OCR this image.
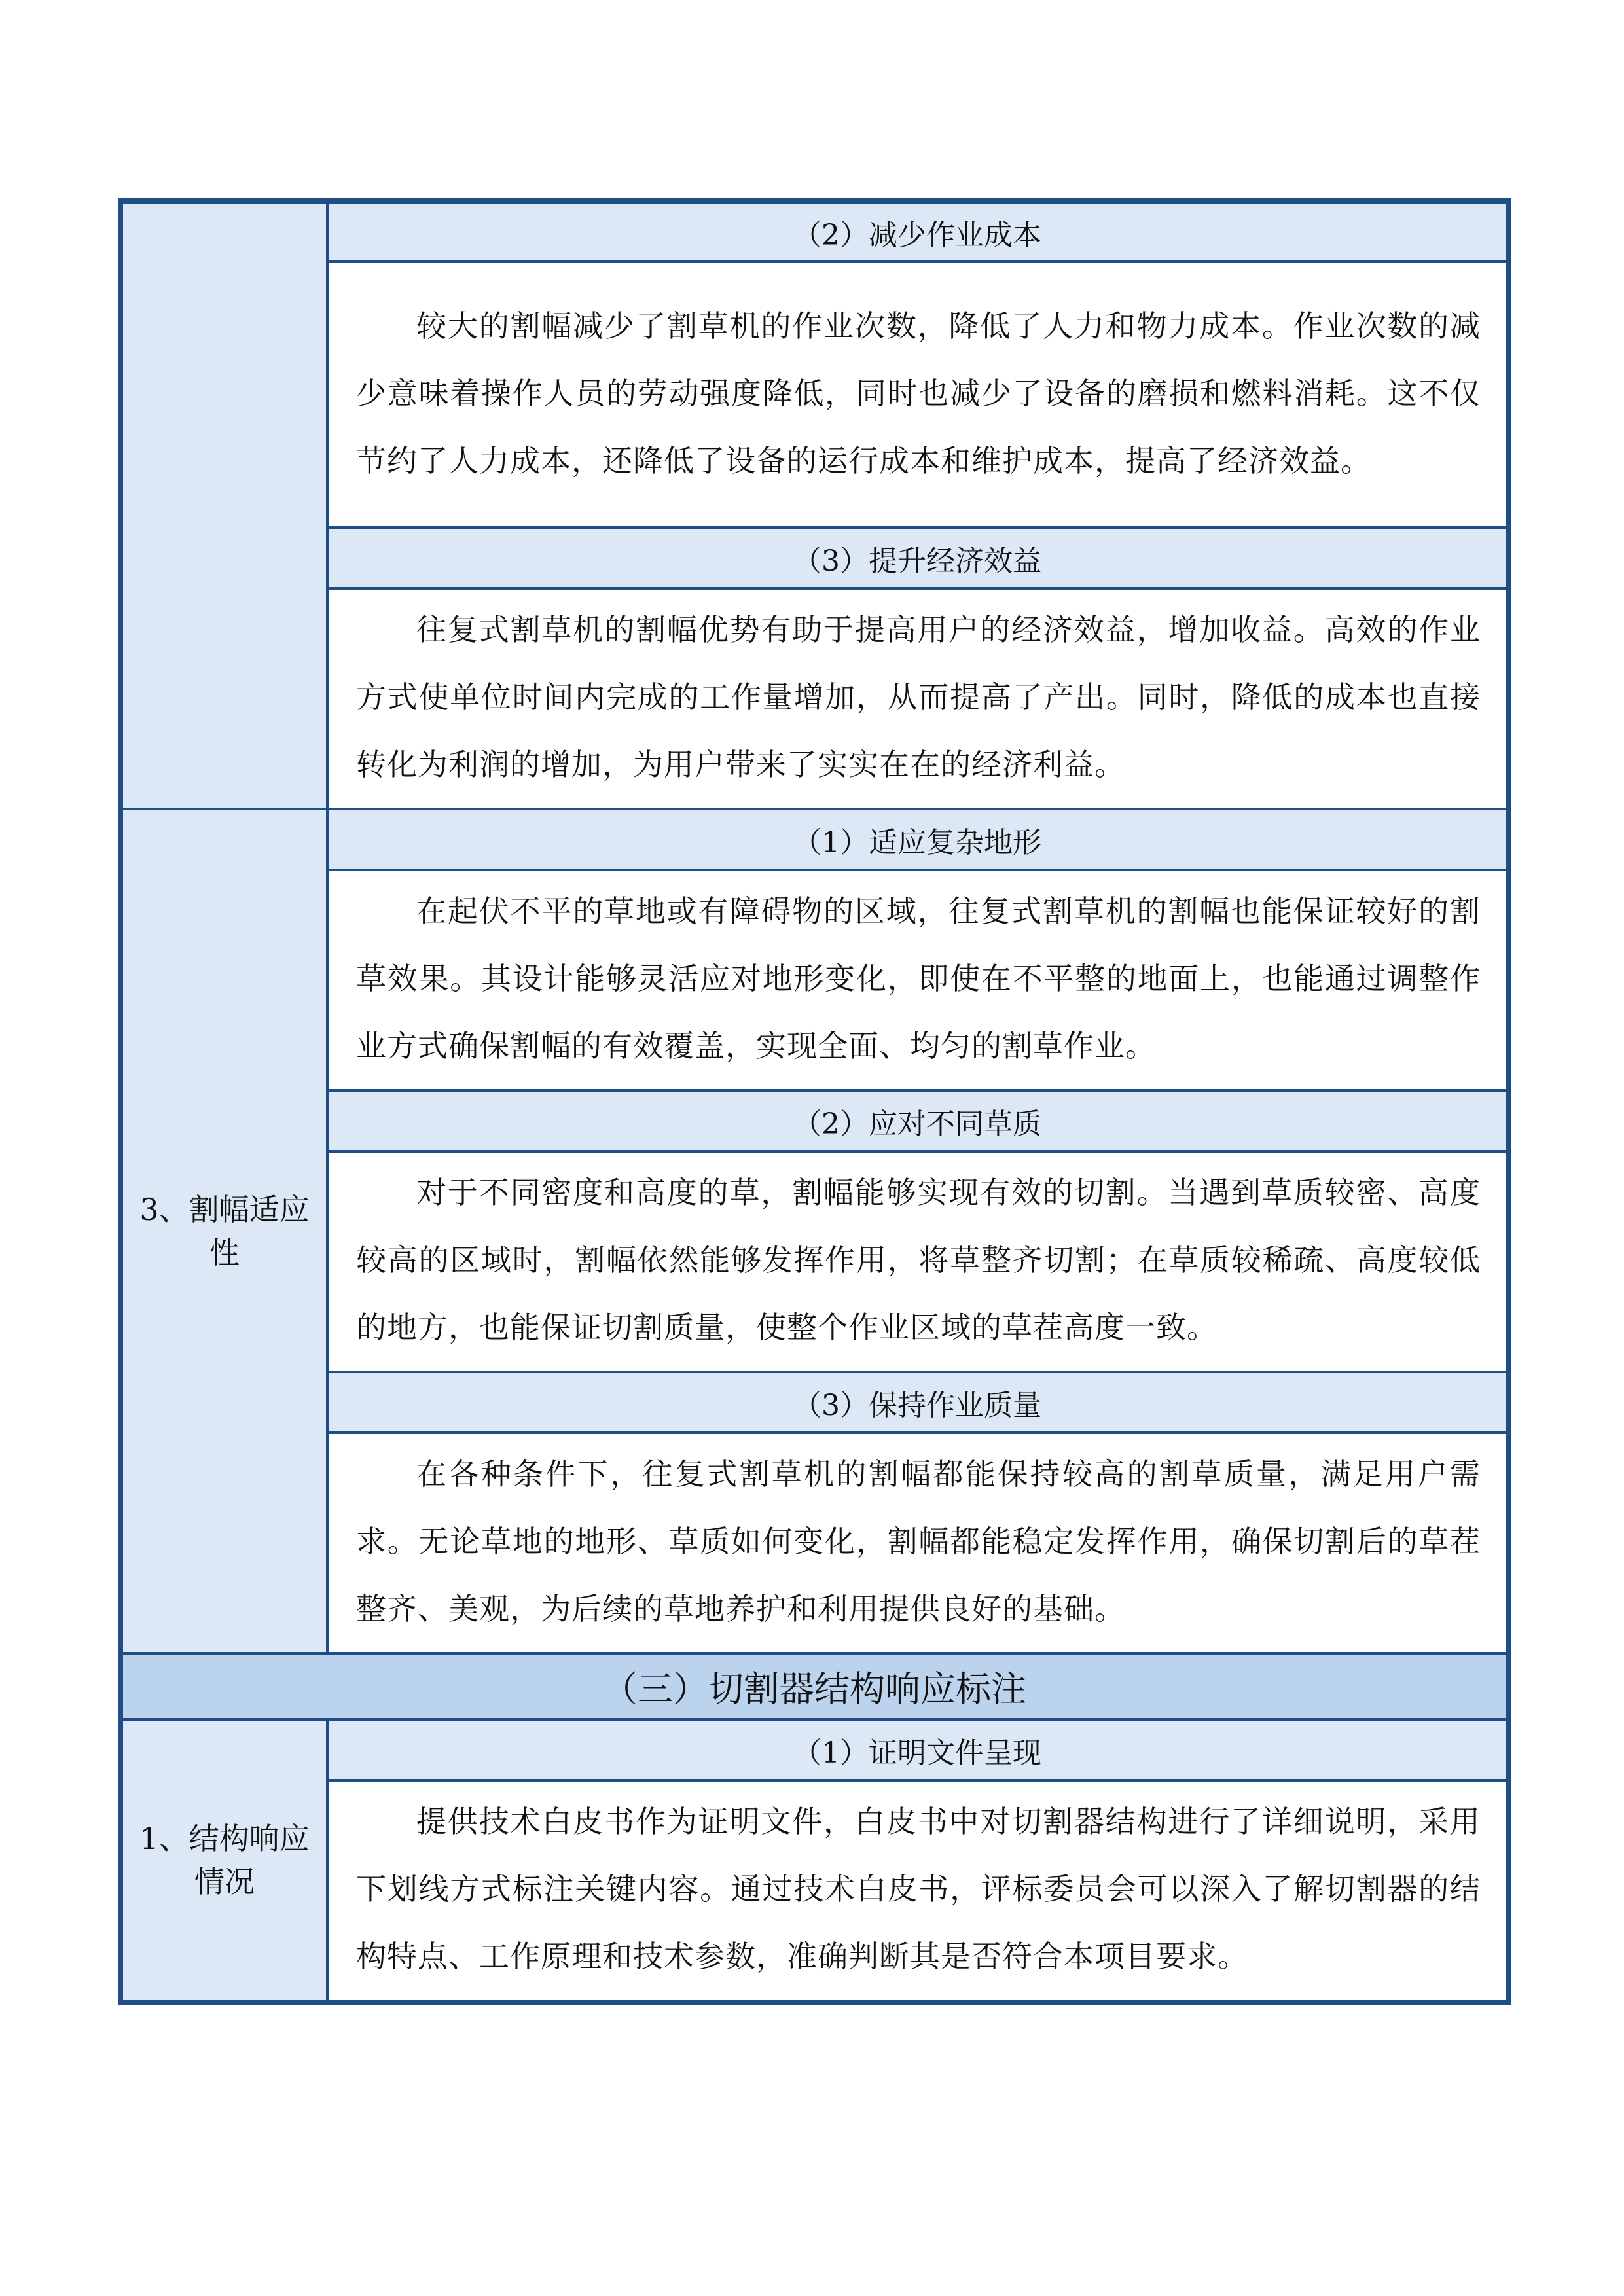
	（2）减少作业成本
	较大的割幅减少了割草机的作业次数，降低了人力和物力成本。作业次数的减少意味着操作人员的劳动强度降低，同时也减少了设备的磨损和燃料消耗。这不仅节约了人力成本，还降低了设备的运行成本和维护成本，提高了经济效益。
	（3）提升经济效益
	往复式割草机的割幅优势有助于提高用户的经济效益，增加收益。高效的作业方式使单位时间内完成的工作量增加，从而提高了产出。同时，降低的成本也直接转化为利润的增加，为用户带来了实实在在的经济利益。
3、割幅适应性	（1）适应复杂地形
	在起伏不平的草地或有障碍物的区域，往复式割草机的割幅也能保证较好的割草效果。其设计能够灵活应对地形变化，即使在不平整的地面上，也能通过调整作业方式确保割幅的有效覆盖，实现全面、均匀的割草作业。
	（2）应对不同草质
	对于不同密度和高度的草，割幅能够实现有效的切割。当遇到草质较密、高度较高的区域时，割幅依然能够发挥作用，将草整齐切割；在草质较稀疏、高度较低的地方，也能保证切割质量，使整个作业区域的草茬高度一致。
	（3）保持作业质量
	在各种条件下，往复式割草机的割幅都能保持较高的割草质量，满足用户需求。无论草地的地形、草质如何变化，割幅都能稳定发挥作用，确保切割后的草茬整齐、美观，为后续的草地养护和利用提供良好的基础。
（三）切割器结构响应标注	
1、结构响应情况	（1）证明文件呈现
	提供技术白皮书作为证明文件，白皮书中对切割器结构进行了详细说明，采用下划线方式标注关键内容。通过技术白皮书，评标委员会可以深入了解切割器的结构特点、工作原理和技术参数，准确判断其是否符合本项目要求。
